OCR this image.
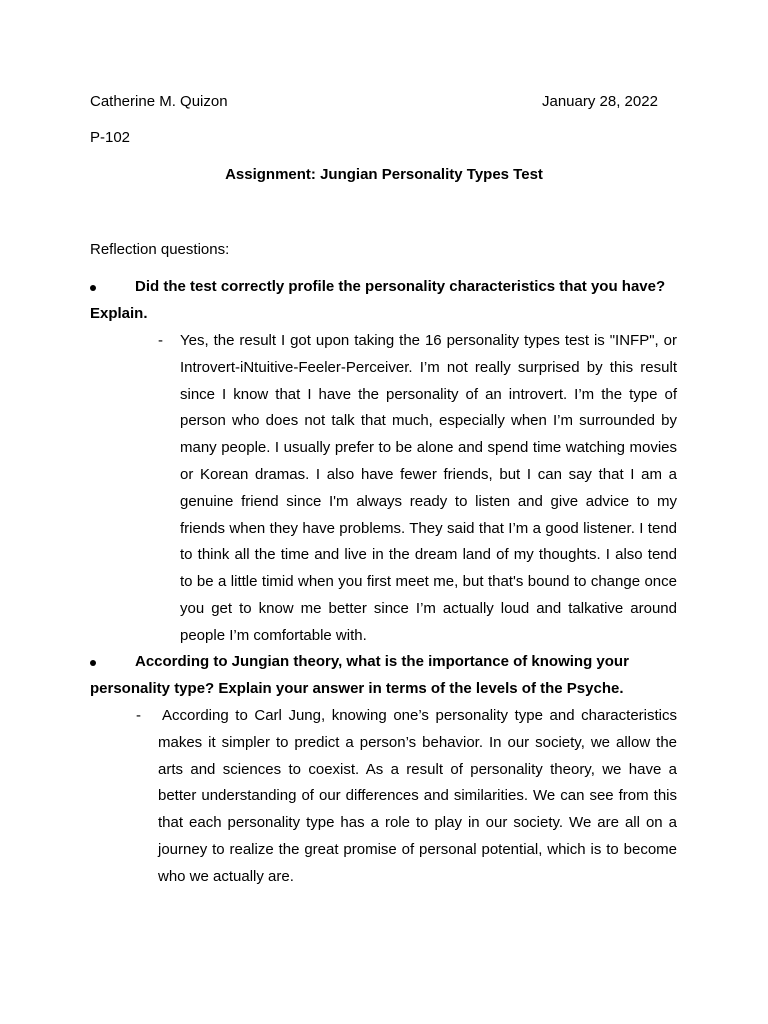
Catherine M. Quizon	January 28, 2022
P-102
Assignment: Jungian Personality Types Test
Reflection questions:
Did the test correctly profile the personality characteristics that you have?
Explain.
- Yes, the result I got upon taking the 16 personality types test is "INFP", or Introvert-iNtuitive-Feeler-Perceiver. I’m not really surprised by this result since I know that I have the personality of an introvert. I’m the type of person who does not talk that much, especially when I’m surrounded by many people. I usually prefer to be alone and spend time watching movies or Korean dramas. I also have fewer friends, but I can say that I am a genuine friend since I'm always ready to listen and give advice to my friends when they have problems. They said that I’m a good listener. I tend to think all the time and live in the dream land of my thoughts. I also tend to be a little timid when you first meet me, but that's bound to change once you get to know me better since I’m actually loud and talkative around people I’m comfortable with.
According to Jungian theory, what is the importance of knowing your
personality type? Explain your answer in terms of the levels of the Psyche.
- According to Carl Jung, knowing one’s personality type and characteristics makes it simpler to predict a person’s behavior. In our society, we allow the arts and sciences to coexist. As a result of personality theory, we have a better understanding of our differences and similarities. We can see from this that each personality type has a role to play in our society. We are all on a journey to realize the great promise of personal potential, which is to become who we actually are.
